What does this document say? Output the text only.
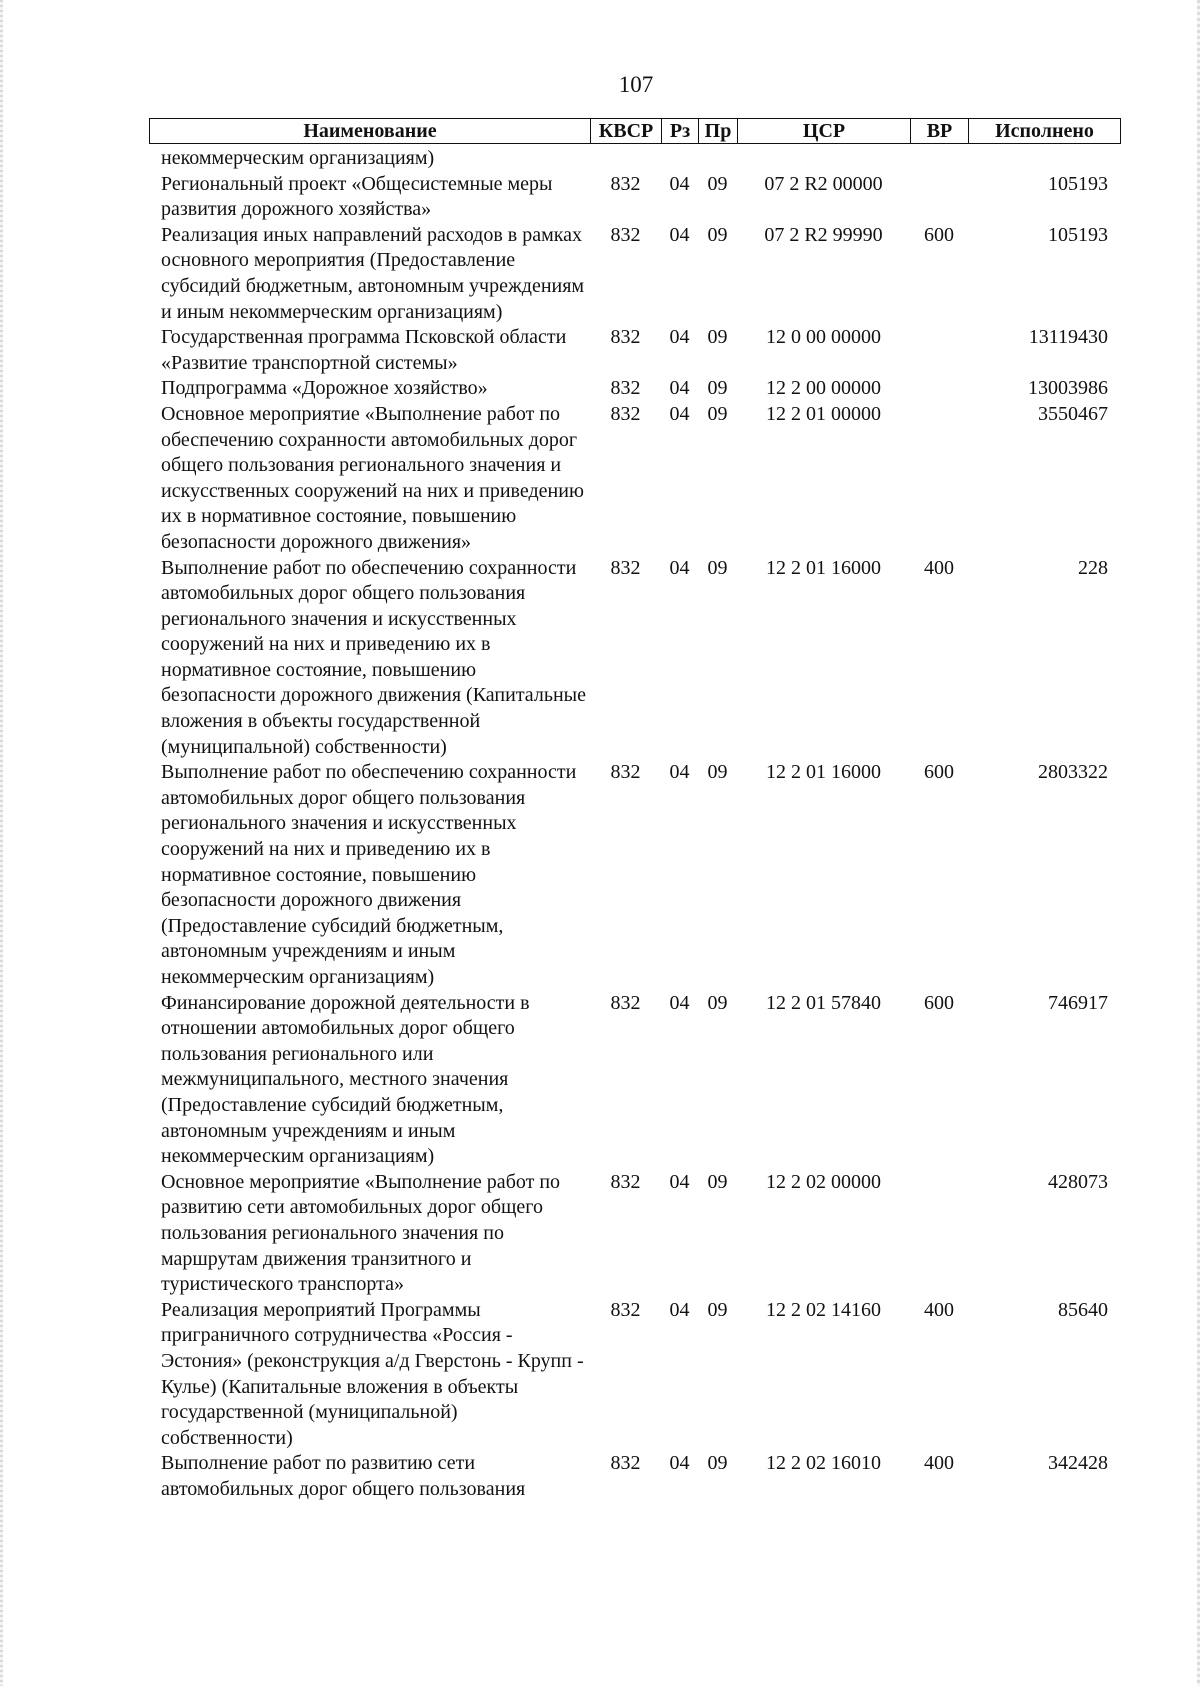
107
Наименование	КВСР	Рз	Пр	ЦСР	ВР	Исполнено
некоммерческим организациям)						
Региональный проект «Общесистемные меры развития дорожного хозяйства»	832	04	09	07 2 R2 00000		105193
Реализация иных направлений расходов в рамках основного мероприятия (Предоставление субсидий бюджетным, автономным учреждениям и иным некоммерческим организациям)	832	04	09	07 2 R2 99990	600	105193
Государственная программа Псковской области «Развитие транспортной системы»	832	04	09	12 0 00 00000		13119430
Подпрограмма «Дорожное хозяйство»	832	04	09	12 2 00 00000		13003986
Основное мероприятие «Выполнение работ по обеспечению сохранности автомобильных дорог общего пользования регионального значения и искусственных сооружений на них и приведению их в нормативное состояние, повышению безопасности дорожного движения»	832	04	09	12 2 01 00000		3550467
Выполнение работ по обеспечению сохранности автомобильных дорог общего пользования регионального значения и искусственных сооружений на них и приведению их в нормативное состояние, повышению безопасности дорожного движения (Капитальные вложения в объекты государственной (муниципальной) собственности)	832	04	09	12 2 01 16000	400	228
Выполнение работ по обеспечению сохранности автомобильных дорог общего пользования регионального значения и искусственных сооружений на них и приведению их в нормативное состояние, повышению безопасности дорожного движения (Предоставление субсидий бюджетным, автономным учреждениям и иным некоммерческим организациям)	832	04	09	12 2 01 16000	600	2803322
Финансирование дорожной деятельности в отношении автомобильных дорог общего пользования регионального или межмуниципального, местного значения (Предоставление субсидий бюджетным, автономным учреждениям и иным некоммерческим организациям)	832	04	09	12 2 01 57840	600	746917
Основное мероприятие «Выполнение работ по развитию сети автомобильных дорог общего пользования регионального значения по маршрутам движения транзитного и туристического транспорта»	832	04	09	12 2 02 00000		428073
Реализация мероприятий Программы приграничного сотрудничества «Россия - Эстония» (реконструкция а/д Гверстонь - Крупп - Кулье) (Капитальные вложения в объекты государственной (муниципальной) собственности)	832	04	09	12 2 02 14160	400	85640
Выполнение работ по развитию сети автомобильных дорог общего пользования	832	04	09	12 2 02 16010	400	342428
